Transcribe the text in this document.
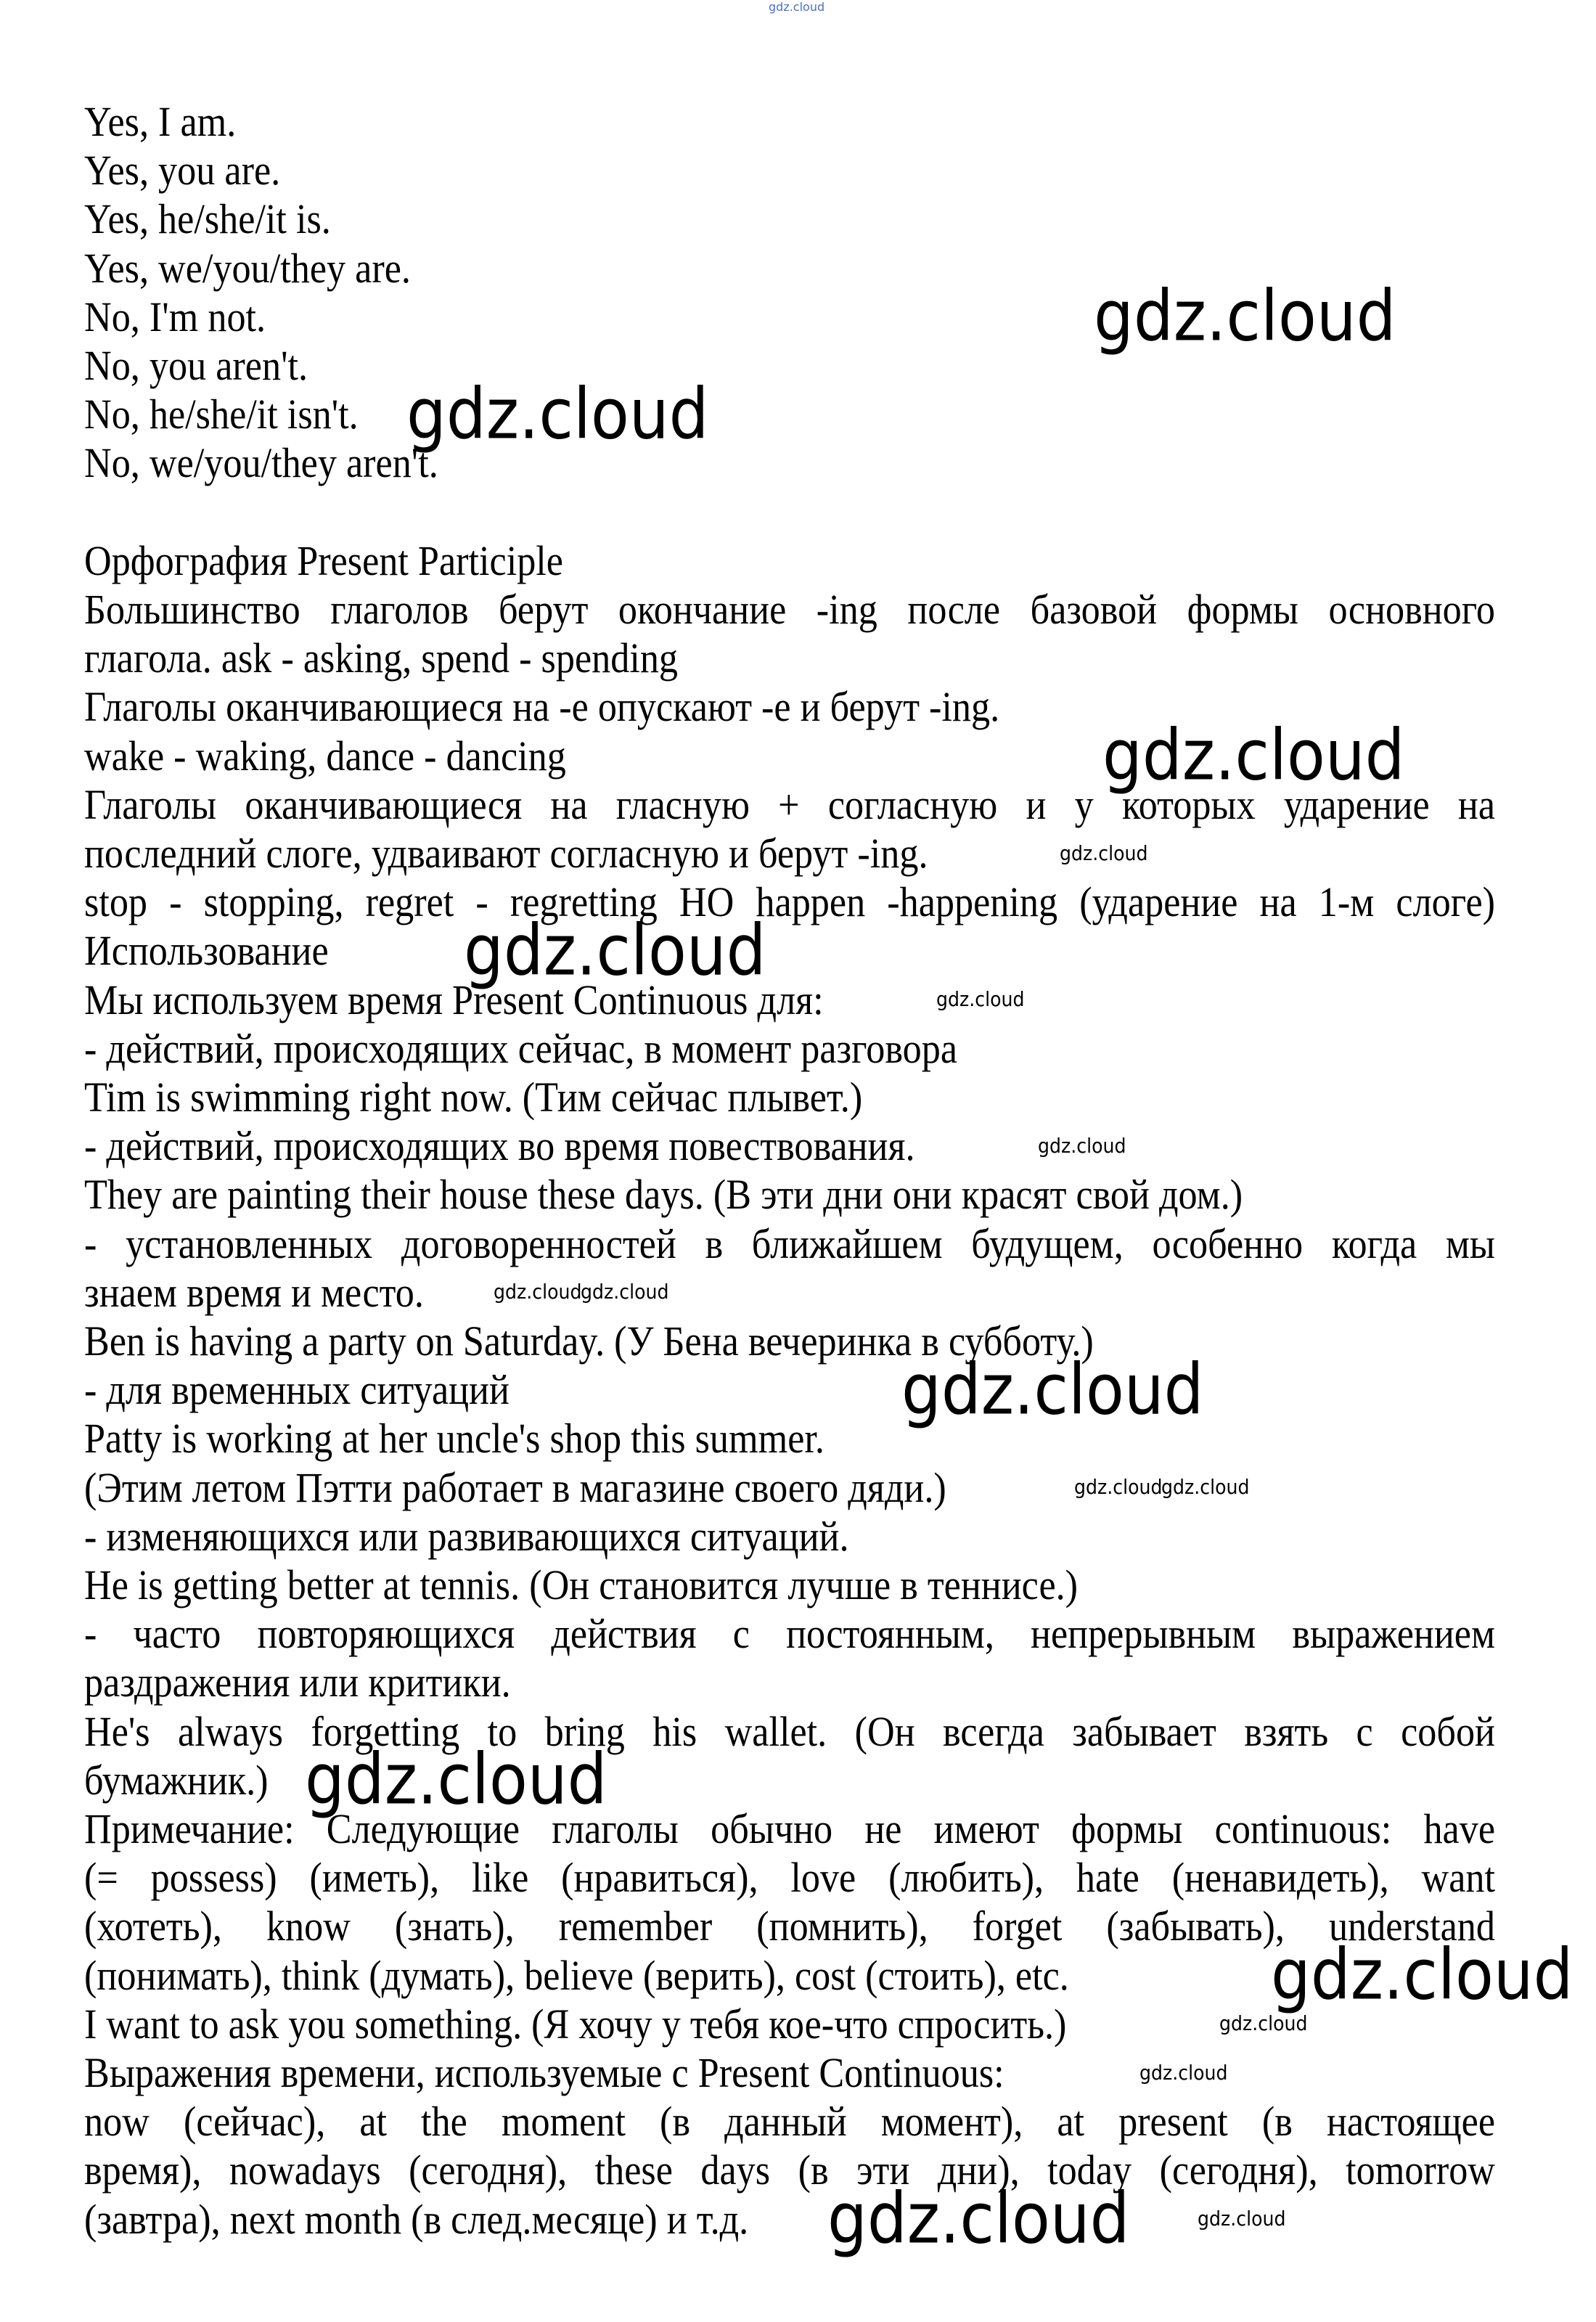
gdz.cloud
Yes, I am.
Yes, you are.
Yes, he/she/it is.
Yes, we/you/they are.
No, I'm not.
No, you aren't.
No, he/she/it isn't.
No, we/you/they aren't.
Орфография Present Participle
Большинство глаголов берут окончание -ing после базовой формы основного
глагола. ask - asking, spend - spending
Глаголы оканчивающиеся на -e опускают -e и берут -ing.
wake - waking, dance - dancing
Глаголы оканчивающиеся на гласную + согласную и у которых ударение на
последний слоге, удваивают согласную и берут -ing.
stop - stopping, regret - regretting НО happen -happening (ударение на 1-м слоге)
Использование
Мы используем время Present Continuous для:
- действий, происходящих сейчас, в момент разговора
Tim is swimming right now. (Тим сейчас плывет.)
- действий, происходящих во время повествования.
They are painting their house these days. (В эти дни они красят свой дом.)
- установленных договоренностей в ближайшем будущем, особенно когда мы
знаем время и место.
Ben is having a party on Saturday. (У Бена вечеринка в субботу.)
- для временных ситуаций
Patty is working at her uncle's shop this summer.
(Этим летом Пэтти работает в магазине своего дяди.)
- изменяющихся или развивающихся ситуаций.
He is getting better at tennis. (Он становится лучше в теннисе.)
- часто повторяющихся действия с постоянным, непрерывным выражением
раздражения или критики.
He's always forgetting to bring his wallet. (Он всегда забывает взять с собой
бумажник.)
Примечание: Следующие глаголы обычно не имеют формы continuous: have
(= possess) (иметь), like (нравиться), love (любить), hate (ненавидеть), want
(хотеть), know (знать), remember (помнить), forget (забывать), understand
(понимать), think (думать), believe (верить), cost (стоить), etc.
I want to ask you something. (Я хочу у тебя кое-что спросить.)
Выражения времени, используемые с Present Continuous:
now (сейчас), at the moment (в данный момент), at present (в настоящее
время), nowadays (сегодня), these days (в эти дни), today (сегодня), tomorrow
(завтра), next month (в след.месяце) и т.д.
gdz.cloud
gdz.cloud
gdz.cloud
gdz.cloud
gdz.cloud
gdz.cloud
gdz.cloud
gdz.cloud
gdz.cloud
gdz.cloud
gdz.cloud
gdz.cloud
gdz.cloud
gdz.cloud
gdz.cloud
gdz.cloud
gdz.cloud
gdz.cloud
